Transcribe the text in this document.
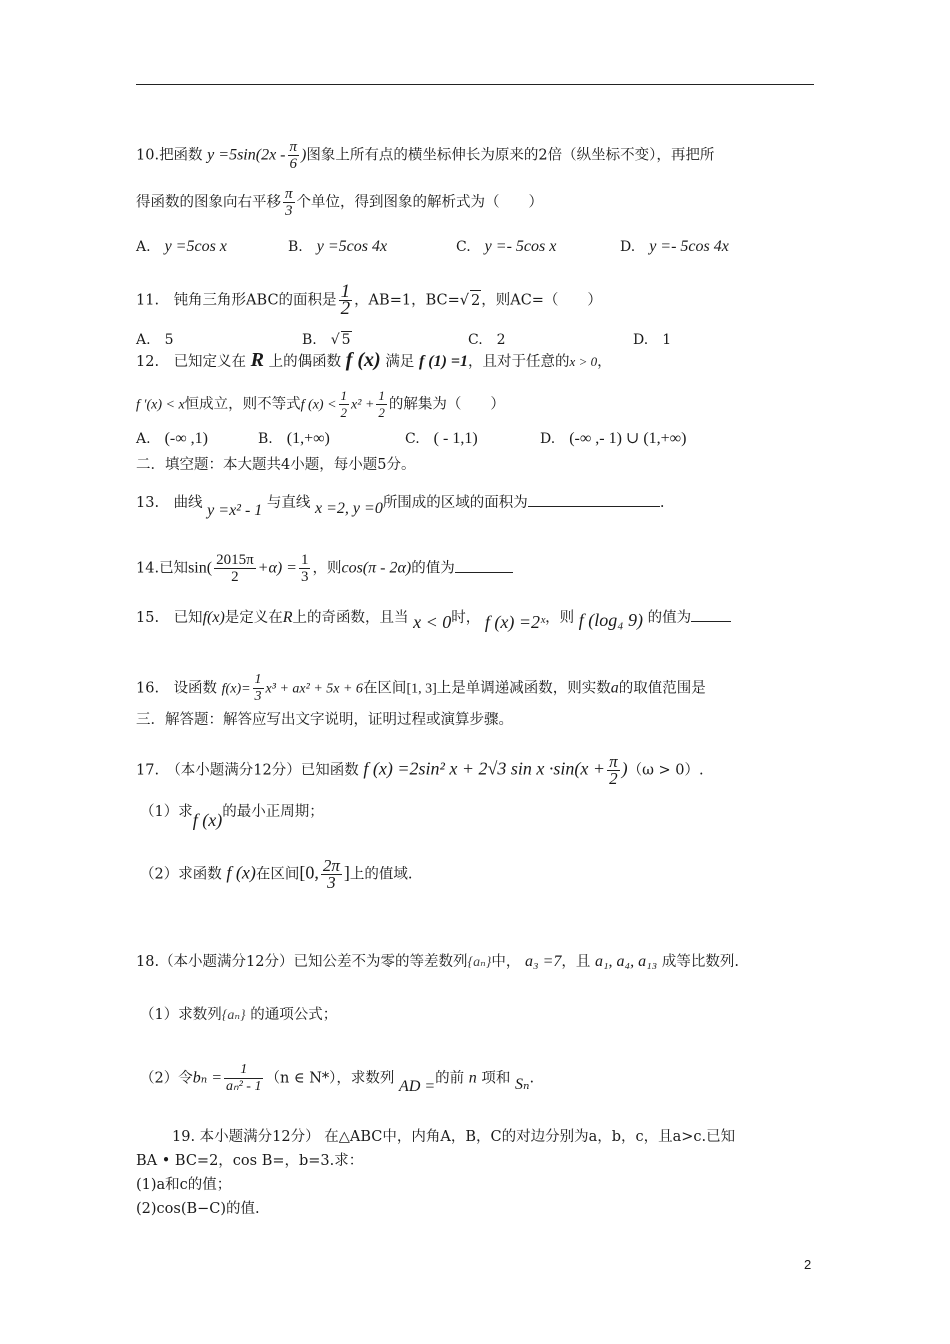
10.把函数 $y =5\sin(2x - \frac{\pi}{6}$ )图象上所有点的横坐标伸长为原来的2倍（纵坐标不变），再把所
得函数的图象向右平移 $\frac{\pi}{3}$ 个单位，得到图象的解析式为（　　）
A.　 y =5cos x	B.　 y =5cos 4x	C.　 y =- 5cos x	D.　 y =- 5cos 4x
11.　 钝角三角形ABC的面积是 $\frac{1}{2}$ ，AB=1，BC=√ 2，则AC=（　　）
A.　 5	B.　√ 5	C.　 2	D.　 1
12.　 已知定义在 R 上的偶函数 f (x) 满足 f (1) =1，且对于任意的x > 0，
f ′(x) < x恒成立，则不等式f $(x) < \frac{1}{2} x^2 + \frac{1}{2}$ 的解集为（　　）
A.　 (-∞ ,1)	B.　 (1,+∞)	C.　 ( - 1,1)	D.　 (-∞ ,- 1) ∪ (1,+∞)
二．填空题：本大题共4小题，每小题5分。
13.　 曲线 y =x² - 1 与直线 x =2, y =0所围成的区域的面积为	.
14.已知$\sin( \frac{2015\pi}{2} +\alpha) = \frac{1}{3}$ ，则cos(π - 2α)的值为
15.　 已知f(x)是定义在R上的奇函数，且当 x < 0时， f (x) =2ˣ，则 f (log₄ 9) 的值为
16.　 设函数 $f(x)= \frac{1}{3} x^3 + ax^2 + 5x + 6$在区间[1, 3]上是单调递减函数，则实数a的取值范围是
三．解答题：解答应写出文字说明，证明过程或演算步骤。
17.　 （本小题满分12分）已知函数 f (x) =2sin² x + 2√3 $\sin x \cdot\sin(x + \frac{\pi}{2} )(\omega > 0)$.
（1）求f (x)的最小正周期；
（2）求函数 f (x)在区间[0, $\frac{2\pi}{3}$ ]上的值域.
18.（本小题满分12分）已知公差不为零的等差数列{aₙ}中， a₃ =7，且 a₁, a₄, a₁₃ 成等比数列.
（1）求数列{aₙ} 的通项公式；
（2）令$b_n = \frac{1}{\text{aₙ² - 1}} (n$ ∈ N*），求数列 AD =的前 n 项和 Sₙ.
19. 本小题满分12分） 在△ABC中，内角A，B，C的对边分别为a，b，c，且a>c.已知
BA • BC=2，cos B=，b=3.求：
(1)a和c的值；
(2)cos(B−C)的值.
2
